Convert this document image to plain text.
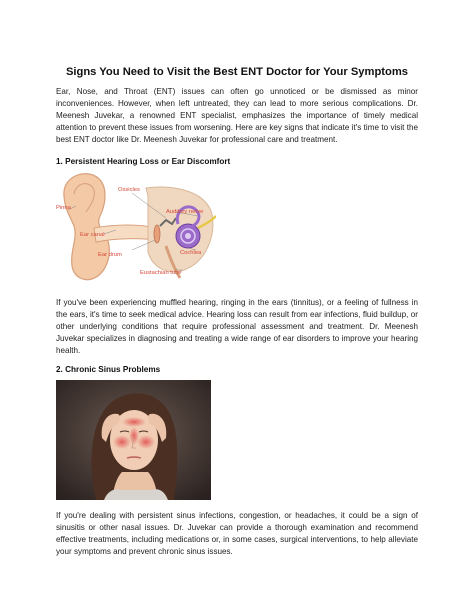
Signs You Need to Visit the Best ENT Doctor for Your Symptoms

Ear, Nose, and Throat (ENT) issues can often go unnoticed or be dismissed as minor inconveniences. However, when left untreated, they can lead to more serious complications. Dr. Meenesh Juvekar, a renowned ENT specialist, emphasizes the importance of timely medical attention to prevent these issues from worsening. Here are key signs that indicate it's time to visit the best ENT doctor like Dr. Meenesh Juvekar for professional care and treatment.

1. Persistent Hearing Loss or Ear Discomfort
Pinna
Ossicles
Auditory nerve
Ear canal
Ear drum	Cochlea
Eustachian tube

If you've been experiencing muffled hearing, ringing in the ears (tinnitus), or a feeling of fullness in the ears, it's time to seek medical advice. Hearing loss can result from ear infections, fluid buildup, or other underlying conditions that require professional assessment and treatment. Dr. Meenesh Juvekar specializes in diagnosing and treating a wide range of ear disorders to improve your hearing health.

2. Chronic Sinus Problems

If you're dealing with persistent sinus infections, congestion, or headaches, it could be a sign of sinusitis or other nasal issues. Dr. Juvekar can provide a thorough examination and recommend effective treatments, including medications or, in some cases, surgical interventions, to help alleviate your symptoms and prevent chronic sinus issues.
